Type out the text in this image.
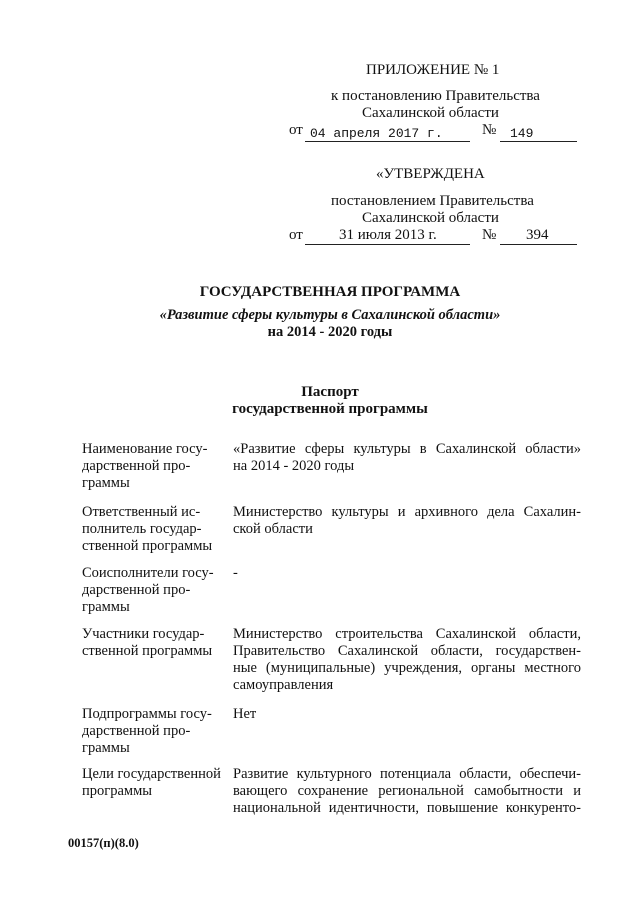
ПРИЛОЖЕНИЕ № 1
к постановлению Правительства
Сахалинской области
от 04 апреля 2017 г.	№ 149
«УТВЕРЖДЕНА
постановлением Правительства
Сахалинской области
от 31 июля 2013 г.	№ 394
ГОСУДАРСТВЕННАЯ ПРОГРАММА
«Развитие сферы культуры в Сахалинской области»
на 2014 - 2020 годы
Паспорт
государственной программы
Наименование госу-
дарственной про-
граммы
«Развитие сферы культуры в Сахалинской области»
на 2014 - 2020 годы
Ответственный ис-
полнитель государ-
ственной программы
Министерство культуры и архивного дела Сахалин-
ской области
Соисполнители госу-
дарственной про-
граммы
-
Участники государ-
ственной программы
Министерство строительства Сахалинской области,
Правительство Сахалинской области, государствен-
ные (муниципальные) учреждения, органы местного
самоуправления
Подпрограммы госу-
дарственной про-
граммы
Нет
Цели государственной
программы
Развитие культурного потенциала области, обеспечи-
вающего сохранение региональной самобытности и
национальной идентичности, повышение конкуренто-
00157(п)(8.0)
